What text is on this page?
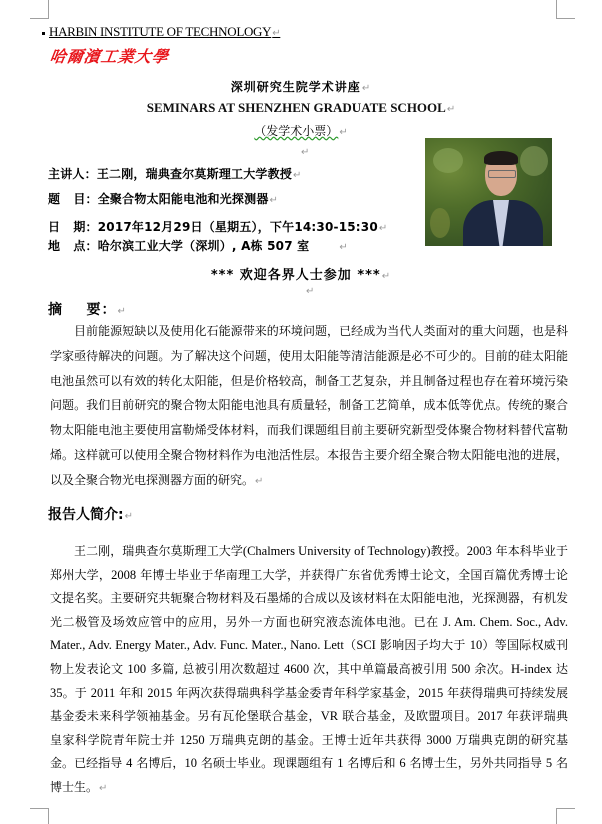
HARBIN INSTITUTE OF TECHNOLOGY↵
哈爾濱工業大學
深圳研究生院学术讲座↵
SEMINARS AT SHENZHEN GRADUATE SCHOOL↵
（发学术小票）↵
↵
主讲人：王二刚，瑞典查尔莫斯理工大学教授↵
题   目：全聚合物太阳能电池和光探测器↵
日   期：2017年12月29日（星期五），下午14:30-15:30↵
地   点：哈尔滨工业大学（深圳）, A栋 507 室	↵
*** 欢迎各界人士参加 ***↵
↵
摘    要：↵
目前能源短缺以及使用化石能源带来的环境问题，已经成为当代人类面对的重大问题，也是科学家亟待解决的问题。为了解决这个问题，使用太阳能等清洁能源是必不可少的。目前的硅太阳能电池虽然可以有效的转化太阳能，但是价格较高，制备工艺复杂，并且制备过程也存在着环境污染问题。我们目前研究的聚合物太阳能电池具有质量轻，制备工艺简单，成本低等优点。传统的聚合物太阳能电池主要使用富勒烯受体材料，而我们课题组目前主要研究新型受体聚合物材料替代富勒烯。这样就可以使用全聚合物材料作为电池活性层。本报告主要介绍全聚合物太阳能电池的进展，以及全聚合物光电探测器方面的研究。↵
报告人简介:↵
王二刚，瑞典查尔莫斯理工大学(Chalmers University of Technology)教授。2003 年本科毕业于郑州大学，2008 年博士毕业于华南理工大学，并获得广东省优秀博士论文，全国百篇优秀博士论文提名奖。主要研究共轭聚合物材料及石墨烯的合成以及该材料在太阳能电池，光探测器，有机发光二极管及场效应管中的应用，另外一方面也研究液态流体电池。已在 J. Am. Chem. Soc., Adv. Mater., Adv. Energy Mater., Adv. Func. Mater., Nano. Lett（SCI 影响因子均大于 10）等国际权威刊物上发表论文 100 多篇, 总被引用次数超过 4600 次，其中单篇最高被引用 500 余次。H-index 达 35。于 2011 年和 2015 年两次获得瑞典科学基金委青年科学家基金，2015 年获得瑞典可持续发展基金委未来科学领袖基金。另有瓦伦堡联合基金，VR 联合基金，及欧盟项目。2017 年获评瑞典皇家科学院青年院士并 1250 万瑞典克朗的基金。王博士近年共获得 3000 万瑞典克朗的研究基金。已经指导 4 名博后，10 名硕士毕业。现课题组有 1 名博后和 6 名博士生，另外共同指导 5 名博士生。↵
